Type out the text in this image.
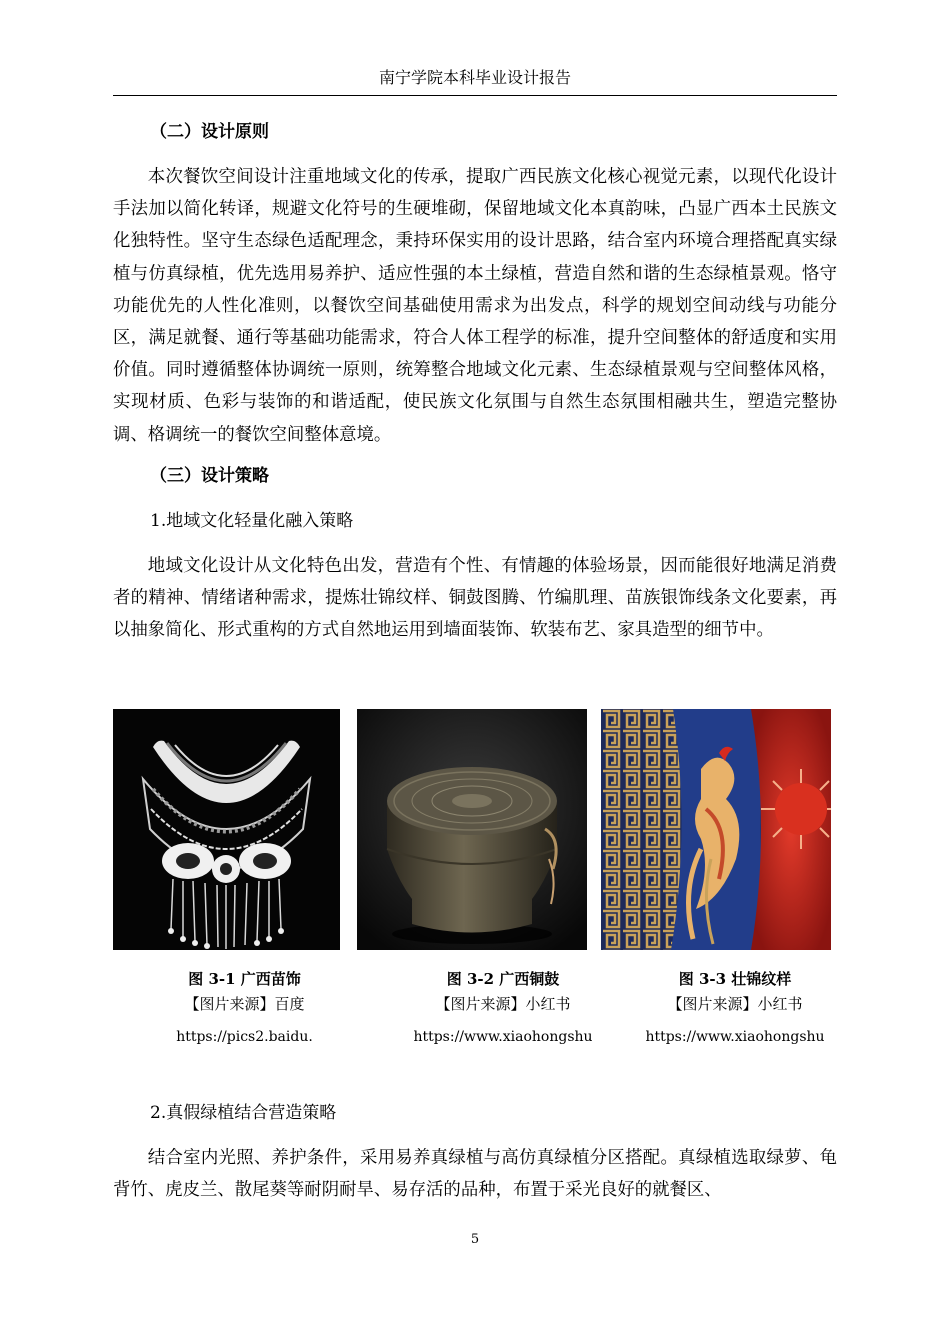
南宁学院本科毕业设计报告
（二）设计原则

本次餐饮空间设计注重地域文化的传承，提取广西民族文化核心视觉元素，以现代化设计手法加以简化转译，规避文化符号的生硬堆砌，保留地域文化本真韵味，凸显广西本土民族文化独特性。坚守生态绿色适配理念，秉持环保实用的设计思路，结合室内环境合理搭配真实绿植与仿真绿植，优先选用易养护、适应性强的本土绿植，营造自然和谐的生态绿植景观。恪守功能优先的人性化准则，以餐饮空间基础使用需求为出发点，科学的规划空间动线与功能分区，满足就餐、通行等基础功能需求，符合人体工程学的标准，提升空间整体的舒适度和实用价值。同时遵循整体协调统一原则，统筹整合地域文化元素、生态绿植景观与空间整体风格，实现材质、色彩与装饰的和谐适配，使民族文化氛围与自然生态氛围相融共生，塑造完整协调、格调统一的餐饮空间整体意境。

（三）设计策略
1.地域文化轻量化融入策略

地域文化设计从文化特色出发，营造有个性、有情趣的体验场景，因而能很好地满足消费者的精神、情绪诸种需求，提炼壮锦纹样、铜鼓图腾、竹编肌理、苗族银饰线条文化要素，再以抽象简化、形式重构的方式自然地运用到墙面装饰、软装布艺、家具造型的细节中。

图 3-1 广西苗饰
【图片来源】百度
https://pics2.baidu.
图 3-2 广西铜鼓
【图片来源】小红书
https://www.xiaohongshu
图 3-3 壮锦纹样
【图片来源】小红书
https://www.xiaohongshu
2.真假绿植结合营造策略

结合室内光照、养护条件，采用易养真绿植与高仿真绿植分区搭配。真绿植选取绿萝、龟背竹、虎皮兰、散尾葵等耐阴耐旱、易存活的品种，布置于采光良好的就餐区、

5
